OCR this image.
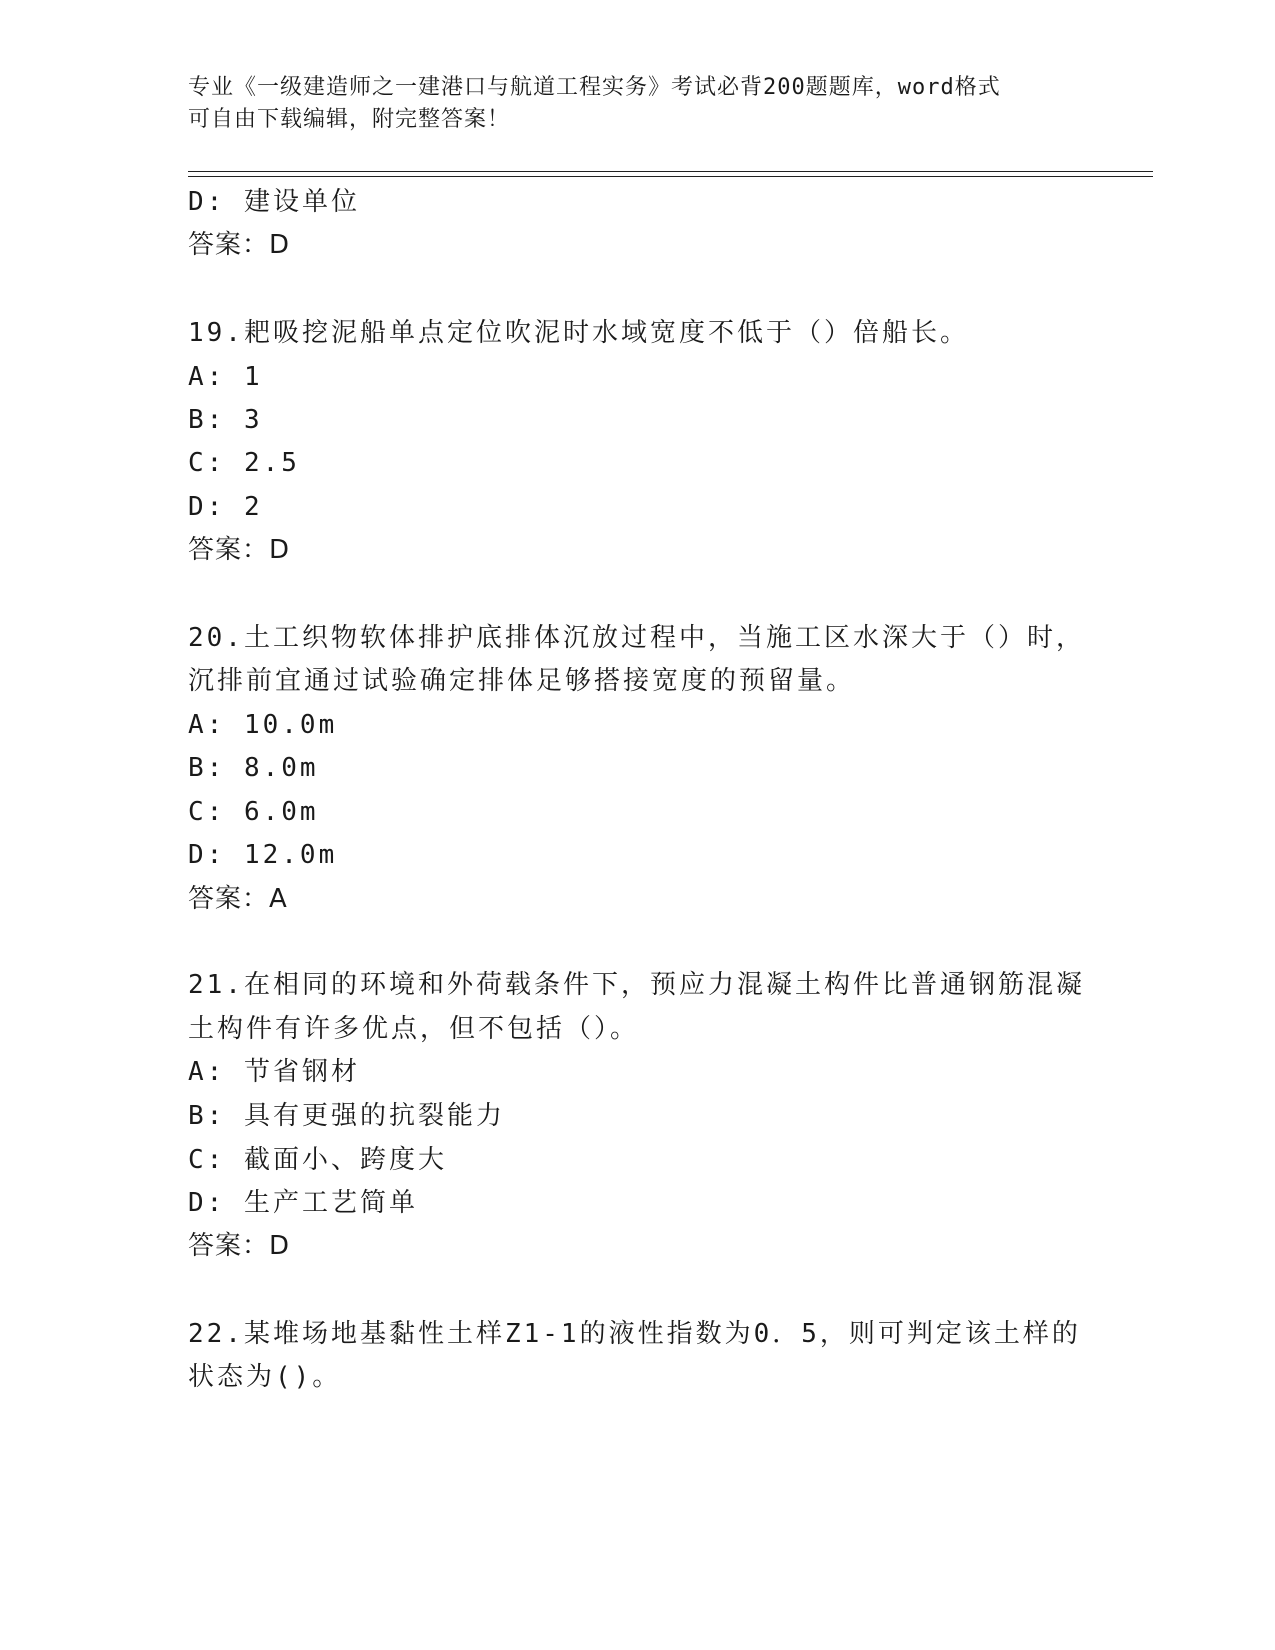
专业《一级建造师之一建港口与航道工程实务》考试必背200题题库，word格式
可自由下载编辑，附完整答案！
D: 建设单位
答案：D
19.耙吸挖泥船单点定位吹泥时水域宽度不低于（）倍船长。
A: 1
B: 3
C: 2.5
D: 2
答案：D
20.土工织物软体排护底排体沉放过程中，当施工区水深大于（）时，
沉排前宜通过试验确定排体足够搭接宽度的预留量。
A: 10.0m
B: 8.0m
C: 6.0m
D: 12.0m
答案：A
21.在相同的环境和外荷载条件下，预应力混凝土构件比普通钢筋混凝
土构件有许多优点，但不包括（）。
A: 节省钢材
B: 具有更强的抗裂能力
C: 截面小、跨度大
D: 生产工艺简单
答案：D
22.某堆场地基黏性土样Z1-1的液性指数为0．5，则可判定该土样的
状态为()。
